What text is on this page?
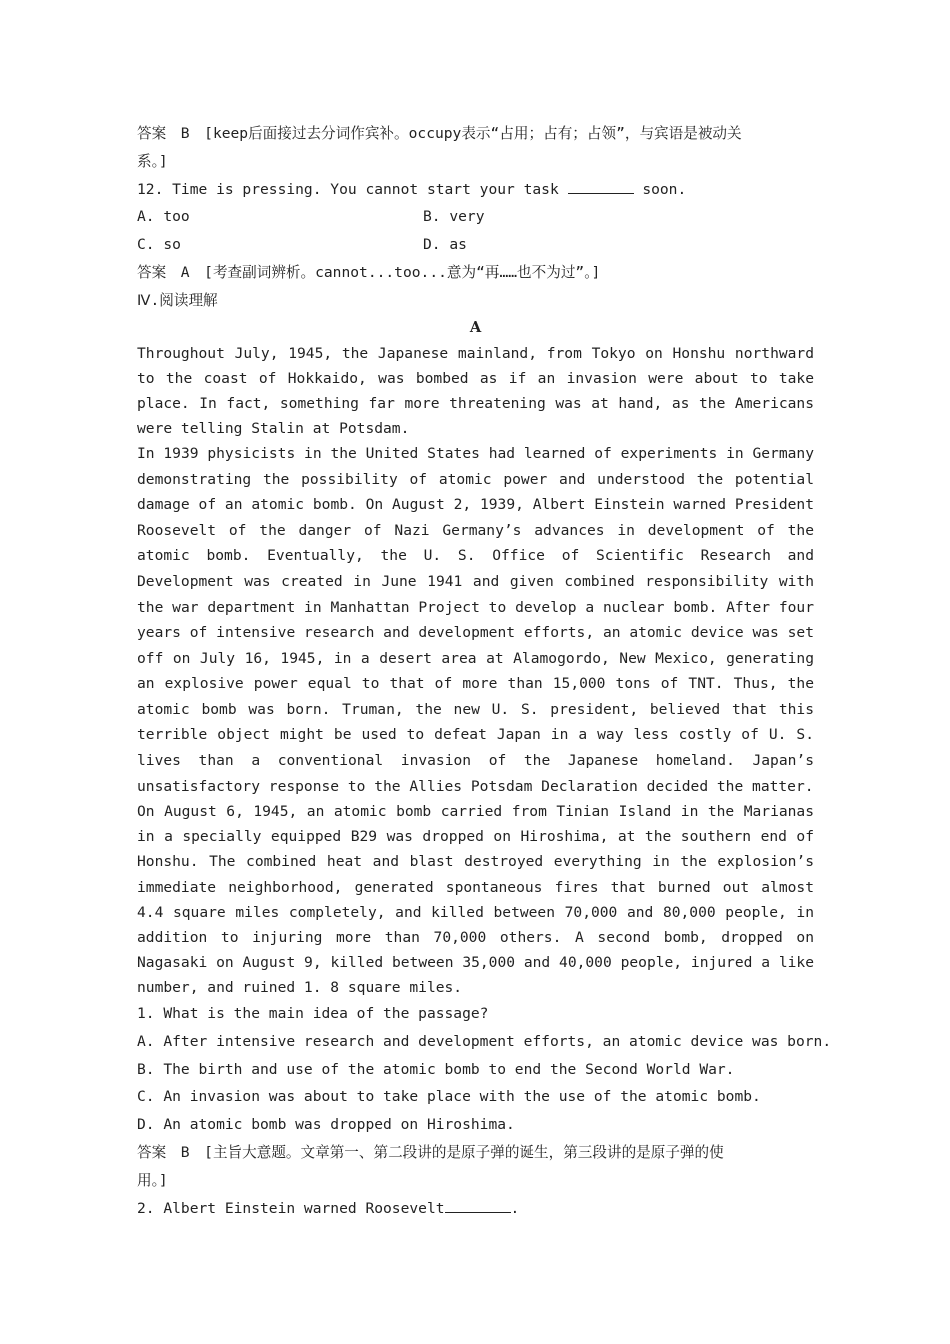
答案　B　[keep后面接过去分词作宾补。occupy表示“占用；占有；占领”，与宾语是被动关
系。]
12. Time is pressing. You cannot start your task	soon.
A. too	B. very
C. so	D. as
答案　A　[考查副词辨析。cannot...too...意为“再……也不为过”。]
Ⅳ.阅读理解
A
Throughout July, 1945, the Japanese mainland, from Tokyo on Honshu northward to the coast of Hokkaido, was bombed as if an invasion were about to take place. In fact, something far more threatening was at hand, as the Americans were telling Stalin at Potsdam.
In 1939 physicists in the United States had learned of experiments in Germany demonstrating the possibility of atomic power and understood the potential damage of an atomic bomb. On August 2, 1939, Albert Einstein warned President Roosevelt of the danger of Nazi Germany’s advances in development of the atomic bomb. Eventually, the U. S. Office of Scientific Research and Development was created in June 1941 and given combined responsibility with the war department in Manhattan Project to develop a nuclear bomb. After four years of intensive research and development efforts, an atomic device was set off on July 16, 1945, in a desert area at Alamogordo, New Mexico, generating an explosive power equal to that of more than 15,000 tons of TNT. Thus, the atomic bomb was born. Truman, the new U. S. president, believed that this terrible object might be used to defeat Japan in a way less costly of U. S. lives than a conventional invasion of the Japanese homeland. Japan’s unsatisfactory response to the Allies Potsdam Declaration decided the matter.
On August 6, 1945, an atomic bomb carried from Tinian Island in the Marianas in a specially equipped B29 was dropped on Hiroshima, at the southern end of Honshu. The combined heat and blast destroyed everything in the explosion’s immediate neighborhood, generated spontaneous fires that burned out almost 4.4 square miles completely, and killed between 70,000 and 80,000 people, in addition to injuring more than 70,000 others. A second bomb, dropped on Nagasaki on August 9, killed between 35,000 and 40,000 people, injured a like number, and ruined 1. 8 square miles.
1. What is the main idea of the passage?
A. After intensive research and development efforts, an atomic device was born.
B. The birth and use of the atomic bomb to end the Second World War.
C. An invasion was about to take place with the use of the atomic bomb.
D. An atomic bomb was dropped on Hiroshima.
答案　B　[主旨大意题。文章第一、第二段讲的是原子弹的诞生，第三段讲的是原子弹的使
用。]
2. Albert Einstein warned Roosevelt	.
